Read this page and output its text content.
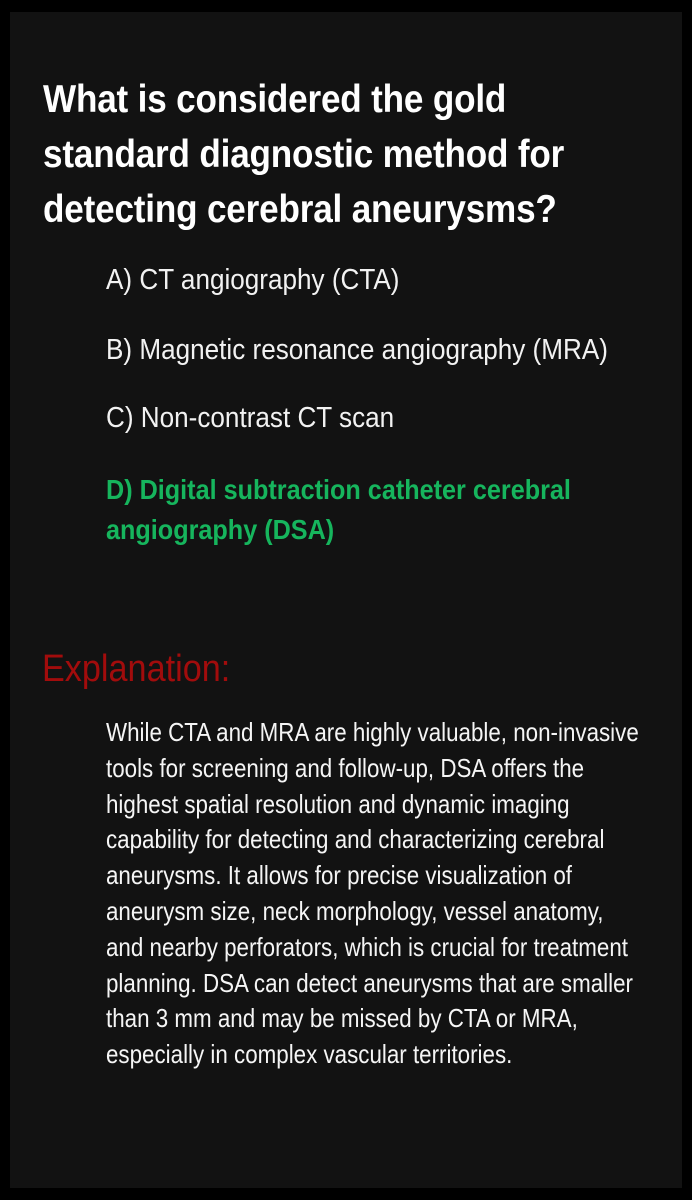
What is considered the gold standard diagnostic method for detecting cerebral aneurysms?
A) CT angiography (CTA)
B) Magnetic resonance angiography (MRA)
C) Non-contrast CT scan
D) Digital subtraction catheter cerebral angiography (DSA)
Explanation:

While CTA and MRA are highly valuable, non-invasive tools for screening and follow-up, DSA offers the highest spatial resolution and dynamic imaging capability for detecting and characterizing cerebral aneurysms. It allows for precise visualization of aneurysm size, neck morphology, vessel anatomy, and nearby perforators, which is crucial for treatment planning. DSA can detect aneurysms that are smaller than 3 mm and may be missed by CTA or MRA, especially in complex vascular territories.
